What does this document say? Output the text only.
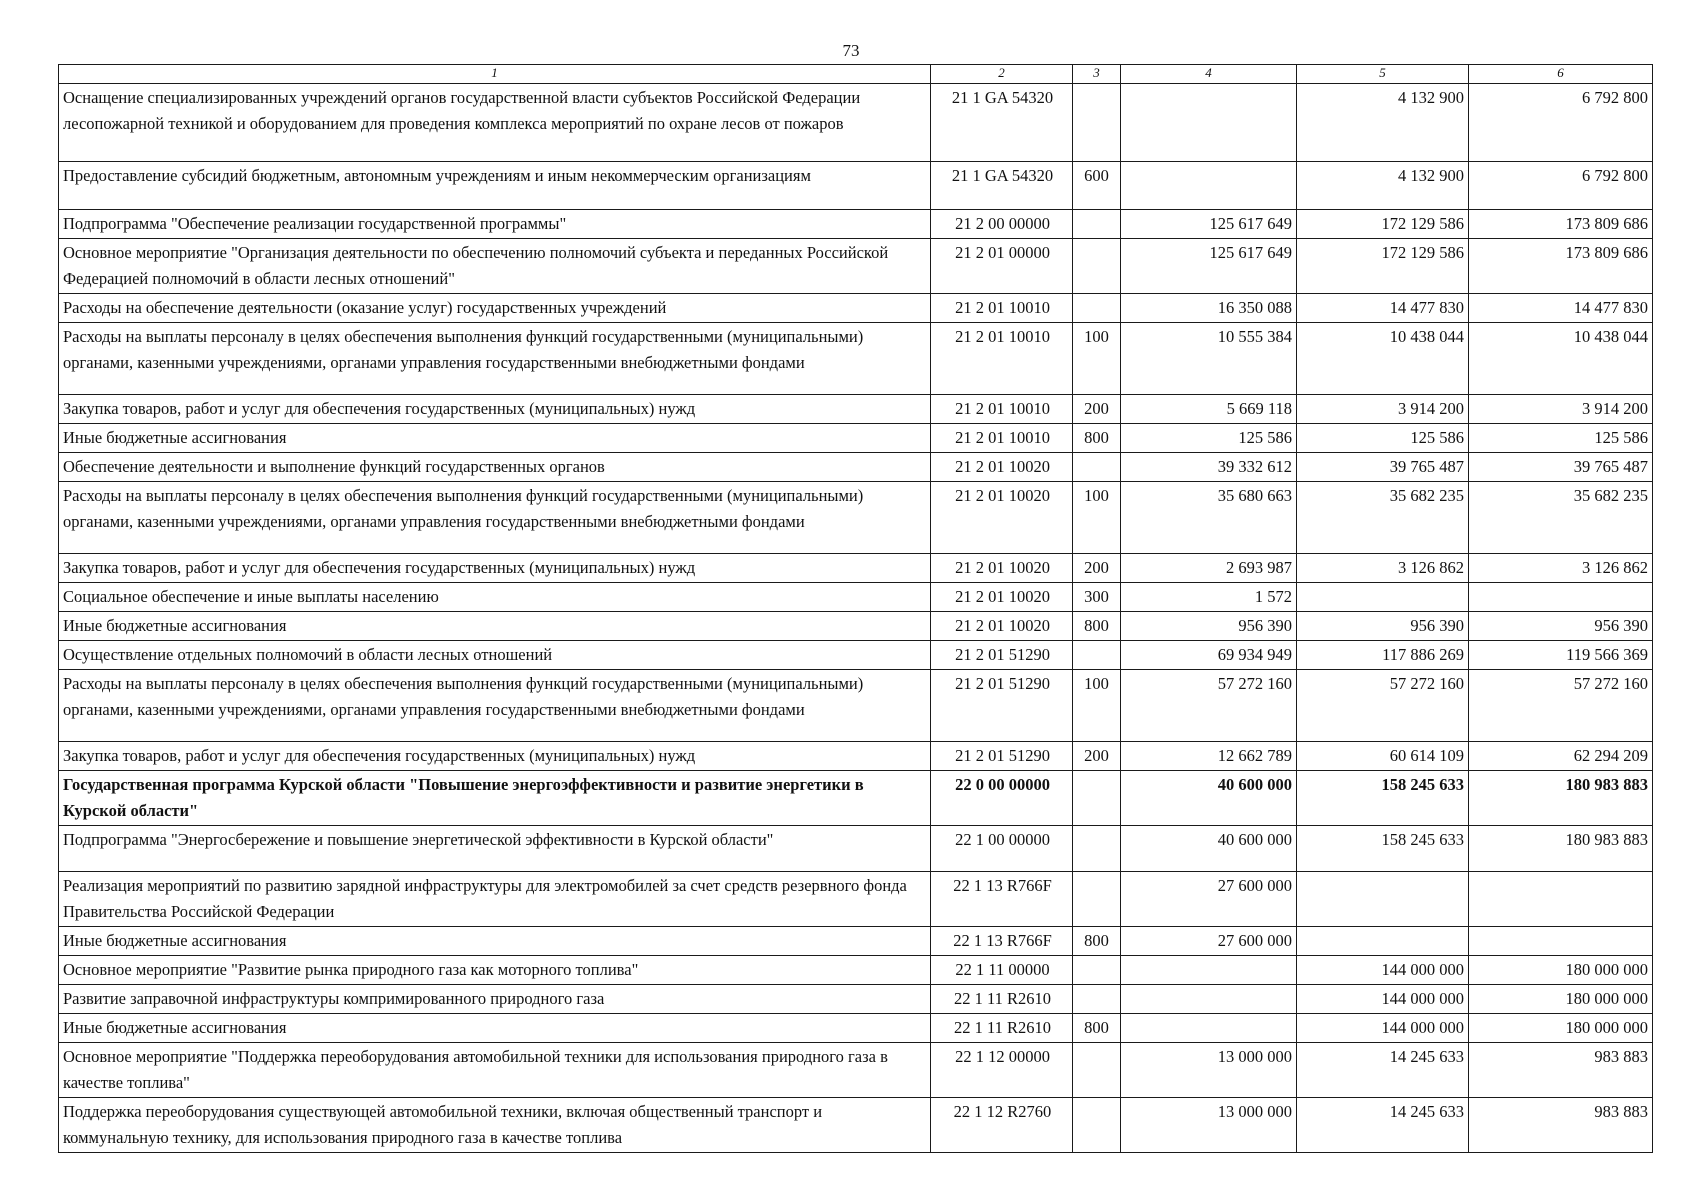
73
1	2	3	4	5	6
Оснащение специализированных учреждений органов государственной власти субъектов Российской Федерации лесопожарной техникой и оборудованием для проведения комплекса мероприятий по охране лесов от пожаров	21 1 GA 54320			4 132 900	6 792 800
Предоставление субсидий бюджетным, автономным учреждениям и иным некоммерческим организациям	21 1 GA 54320	600		4 132 900	6 792 800
Подпрограмма "Обеспечение реализации государственной программы"	21 2 00 00000		125 617 649	172 129 586	173 809 686
Основное мероприятие "Организация деятельности по обеспечению полномочий субъекта и переданных Российской Федерацией полномочий в области лесных отношений"	21 2 01 00000		125 617 649	172 129 586	173 809 686
Расходы на обеспечение деятельности (оказание услуг) государственных учреждений	21 2 01 10010		16 350 088	14 477 830	14 477 830
Расходы на выплаты персоналу в целях обеспечения выполнения функций государственными (муниципальными) органами, казенными учреждениями, органами управления государственными внебюджетными фондами	21 2 01 10010	100	10 555 384	10 438 044	10 438 044
Закупка товаров, работ и услуг для обеспечения государственных (муниципальных) нужд	21 2 01 10010	200	5 669 118	3 914 200	3 914 200
Иные бюджетные ассигнования	21 2 01 10010	800	125 586	125 586	125 586
Обеспечение деятельности и выполнение функций государственных органов	21 2 01 10020		39 332 612	39 765 487	39 765 487
Расходы на выплаты персоналу в целях обеспечения выполнения функций государственными (муниципальными) органами, казенными учреждениями, органами управления государственными внебюджетными фондами	21 2 01 10020	100	35 680 663	35 682 235	35 682 235
Закупка товаров, работ и услуг для обеспечения государственных (муниципальных) нужд	21 2 01 10020	200	2 693 987	3 126 862	3 126 862
Социальное обеспечение и иные выплаты населению	21 2 01 10020	300	1 572		
Иные бюджетные ассигнования	21 2 01 10020	800	956 390	956 390	956 390
Осуществление отдельных полномочий в области лесных отношений	21 2 01 51290		69 934 949	117 886 269	119 566 369
Расходы на выплаты персоналу в целях обеспечения выполнения функций государственными (муниципальными) органами, казенными учреждениями, органами управления государственными внебюджетными фондами	21 2 01 51290	100	57 272 160	57 272 160	57 272 160
Закупка товаров, работ и услуг для обеспечения государственных (муниципальных) нужд	21 2 01 51290	200	12 662 789	60 614 109	62 294 209
Государственная программа Курской области "Повышение энергоэффективности и развитие энергетики в Курской области"	22 0 00 00000		40 600 000	158 245 633	180 983 883
Подпрограмма "Энергосбережение и повышение энергетической эффективности в Курской области"	22 1 00 00000		40 600 000	158 245 633	180 983 883
Реализация мероприятий по развитию зарядной инфраструктуры для электромобилей за счет средств резервного фонда Правительства Российской Федерации	22 1 13 R766F		27 600 000		
Иные бюджетные ассигнования	22 1 13 R766F	800	27 600 000		
Основное мероприятие "Развитие рынка природного газа как моторного топлива"	22 1 11 00000			144 000 000	180 000 000
Развитие заправочной инфраструктуры компримированного природного газа	22 1 11 R2610			144 000 000	180 000 000
Иные бюджетные ассигнования	22 1 11 R2610	800		144 000 000	180 000 000
Основное мероприятие "Поддержка переоборудования автомобильной техники для использования природного газа в качестве топлива"	22 1 12 00000		13 000 000	14 245 633	983 883
Поддержка переоборудования существующей автомобильной техники, включая общественный транспорт и коммунальную технику, для использования природного газа в качестве топлива	22 1 12 R2760		13 000 000	14 245 633	983 883
